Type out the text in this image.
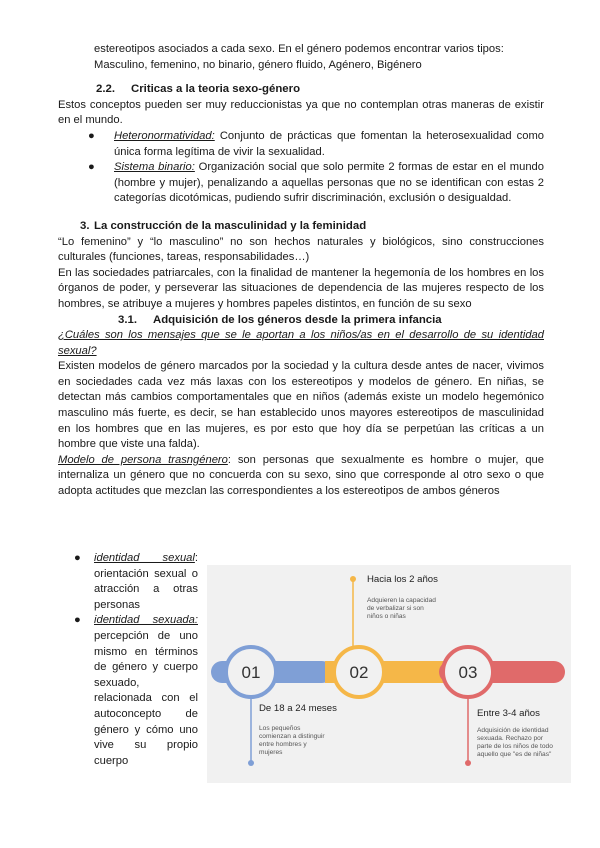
estereotipos asociados a cada sexo. En el género podemos encontrar varios tipos:

Masculino, femenino, no binario, género fluido, Agénero, Bigénero

2.2. Criticas a la teoria sexo-género

Estos conceptos pueden ser muy reduccionistas ya que no contemplan otras maneras de existir en el mundo.

● Heteronormatividad: Conjunto de prácticas que fomentan la heterosexualidad como única forma legítima de vivir la sexualidad.
● Sistema binario: Organización social que solo permite 2 formas de estar en el mundo (hombre y mujer), penalizando a aquellas personas que no se identifican con estas 2 categorías dicotómicas, pudiendo sufrir discriminación, exclusión o desigualdad.
3. La construcción de la masculinidad y la feminidad

“Lo femenino” y “lo masculino” no son hechos naturales y biológicos, sino construcciones culturales (funciones, tareas, responsabilidades…)

En las sociedades patriarcales, con la finalidad de mantener la hegemonía de los hombres en los órganos de poder, y perseverar las situaciones de dependencia de las mujeres respecto de los hombres, se atribuye a mujeres y hombres papeles distintos, en función de su sexo

3.1. Adquisición de los géneros desde la primera infancia

¿Cuáles son los mensajes que se le aportan a los niños/as en el desarrollo de su identidad sexual?

Existen modelos de género marcados por la sociedad y la cultura desde antes de nacer, vivimos en sociedades cada vez más laxas con los estereotipos y modelos de género. En niñas, se detectan más cambios comportamentales que en niños (además existe un modelo hegemónico masculino más fuerte, es decir, se han establecido unos mayores estereotipos de masculinidad en los hombres que en las mujeres, es por esto que hoy día se perpetúan las críticas a un hombre que viste una falda).

Modelo de persona trasngénero: son personas que sexualmente es hombre o mujer, que internaliza un género que no concuerda con su sexo, sino que corresponde al otro sexo o que adopta actitudes que mezclan las correspondientes a los estereotipos de ambos géneros

● identidad sexual: orientación sexual o atracción a otras personas
● identidad sexuada: percepción de uno mismo en términos de género y cuerpo sexuado, relacionada con el autoconcepto de género y cómo uno vive su propio cuerpo
01	02	03
Hacia los 2 años
Adquieren la capacidad
de verbalizar si son
niños o niñas
De 18 a 24 meses
Los pequeños
comienzan a distinguir
entre hombres y
mujeres
Entre 3-4 años
Adquisición de identidad
sexuada. Rechazo por
parte de los niños de todo
aquello que "es de niñas"
